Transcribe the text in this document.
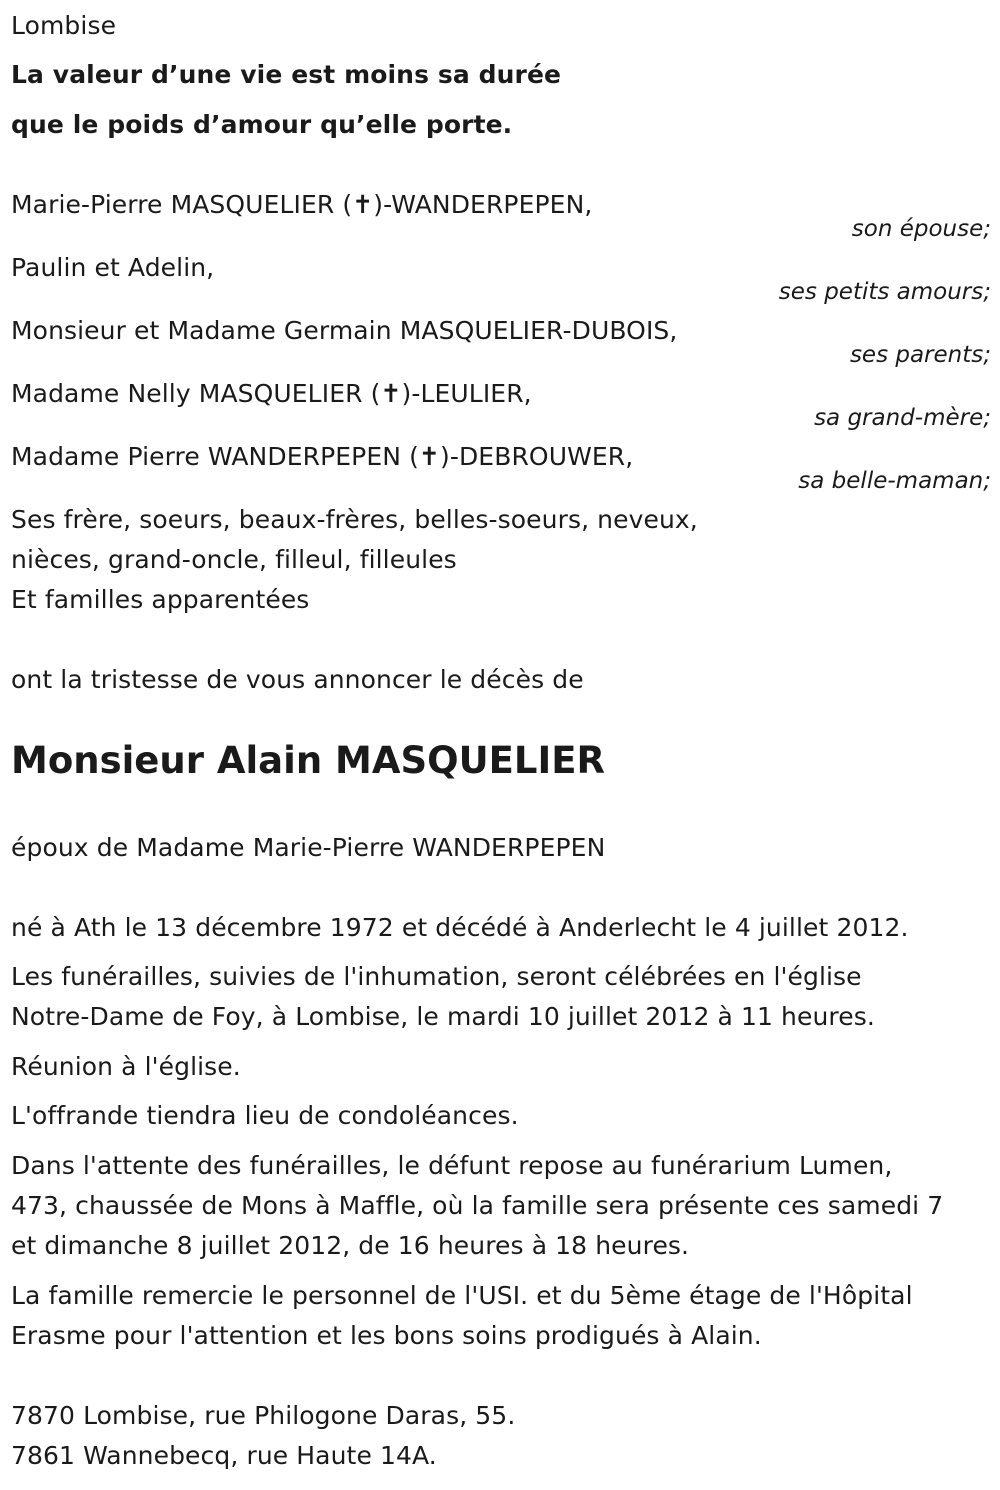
Lombise
La valeur d’une vie est moins sa durée
que le poids d’amour qu’elle porte.
Marie-Pierre MASQUELIER (✝)-WANDERPEPEN,
son épouse;
Paulin et Adelin,
ses petits amours;
Monsieur et Madame Germain MASQUELIER-DUBOIS,
ses parents;
Madame Nelly MASQUELIER (✝)-LEULIER,
sa grand-mère;
Madame Pierre WANDERPEPEN (✝)-DEBROUWER,
sa belle-maman;
Ses frère, soeurs, beaux-frères, belles-soeurs, neveux,
nièces, grand-oncle, filleul, filleules
Et familles apparentées
ont la tristesse de vous annoncer le décès de
Monsieur Alain MASQUELIER
époux de Madame Marie-Pierre WANDERPEPEN
né à Ath le 13 décembre 1972 et décédé à Anderlecht le 4 juillet 2012.
Les funérailles, suivies de l'inhumation, seront célébrées en l'église
Notre-Dame de Foy, à Lombise, le mardi 10 juillet 2012 à 11 heures.
Réunion à l'église.
L'offrande tiendra lieu de condoléances.
Dans l'attente des funérailles, le défunt repose au funérarium Lumen,
473, chaussée de Mons à Maffle, où la famille sera présente ces samedi 7
et dimanche 8 juillet 2012, de 16 heures à 18 heures.
La famille remercie le personnel de l'USI. et du 5ème étage de l'Hôpital
Erasme pour l'attention et les bons soins prodigués à Alain.
7870 Lombise, rue Philogone Daras, 55.
7861 Wannebecq, rue Haute 14A.
